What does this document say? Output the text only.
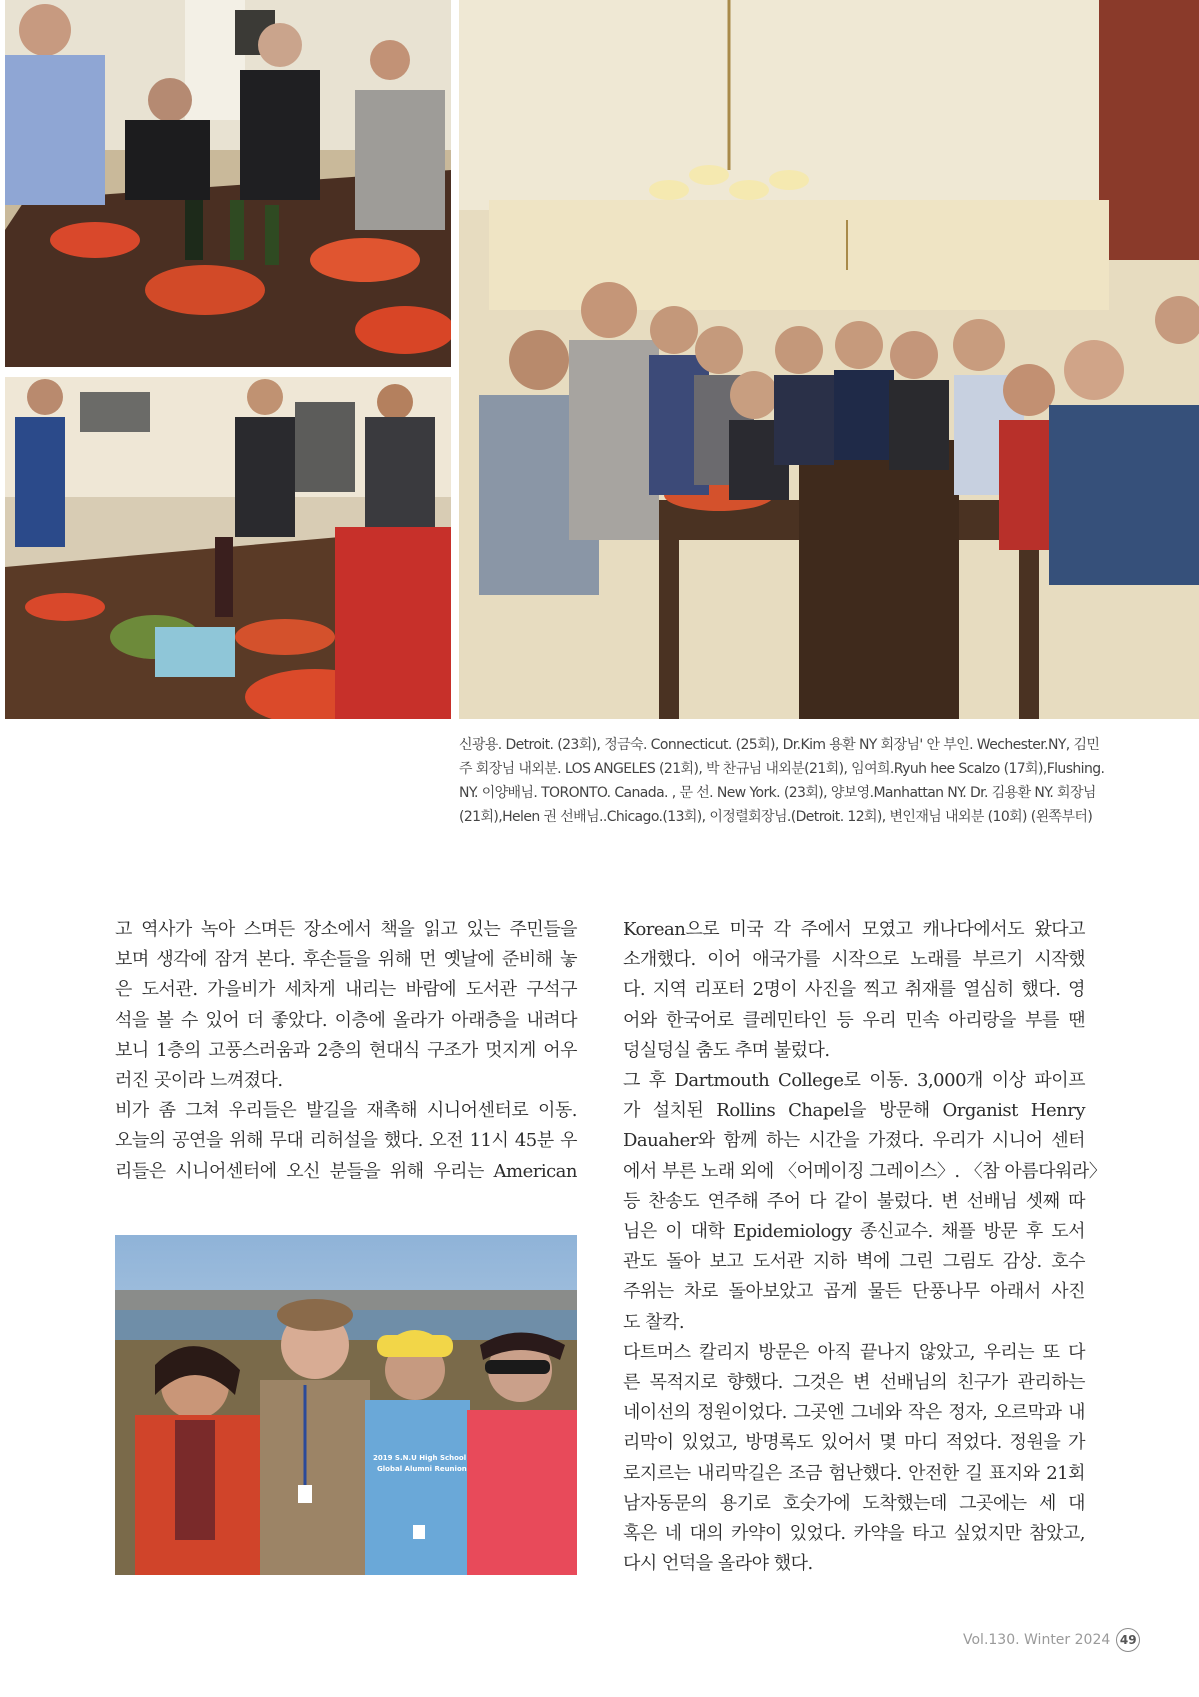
신광용. Detroit. (23회), 정금숙. Connecticut. (25회), Dr.Kim 용환 NY 회장님' 안 부인. Wechester.NY, 김민
주 회장님 내외분. LOS ANGELES (21회), 박 찬규님 내외분(21회), 임여희.Ryuh hee Scalzo (17회),Flushing.
NY. 이양배님. TORONTO. Canada. , 문 선. New York. (23회), 양보영.Manhattan NY. Dr. 김용환 NY. 회장님
(21회),Helen 권 선배님..Chicago.(13회), 이정렬회장님.(Detroit. 12회), 변인재님 내외분 (10회) (왼쪽부터)
고 역사가 녹아 스며든 장소에서 책을 읽고 있는 주민들을
보며 생각에 잠겨 본다. 후손들을 위해 먼 옛날에 준비해 놓
은 도서관. 가을비가 세차게 내리는 바람에 도서관 구석구
석을 볼 수 있어 더 좋았다. 이층에 올라가 아래층을 내려다
보니 1층의 고풍스러움과 2층의 현대식 구조가 멋지게 어우
러진 곳이라 느껴졌다.
비가 좀 그쳐 우리들은 발길을 재촉해 시니어센터로 이동.
오늘의 공연을 위해 무대 리허설을 했다. 오전 11시 45분 우
리들은 시니어센터에 오신 분들을 위해 우리는 American
2019 S.N.U High School
Global Alumni Reunion
Korean으로 미국 각 주에서 모였고 캐나다에서도 왔다고
소개했다. 이어 애국가를 시작으로 노래를 부르기 시작했
다. 지역 리포터 2명이 사진을 찍고 취재를 열심히 했다. 영
어와 한국어로 클레민타인 등 우리 민속 아리랑을 부를 땐
덩실덩실 춤도 추며 불렀다.
그 후 Dartmouth College로 이동. 3,000개 이상 파이프
가 설치된 Rollins Chapel을 방문해 Organist Henry
Dauaher와 함께 하는 시간을 가졌다. 우리가 시니어 센터
에서 부른 노래 외에 〈어메이징 그레이스〉. 〈참 아름다워라〉
등 찬송도 연주해 주어 다 같이 불렀다. 변 선배님 셋째 따
님은 이 대학 Epidemiology 종신교수. 채플 방문 후 도서
관도 돌아 보고 도서관 지하 벽에 그린 그림도 감상. 호수
주위는 차로 돌아보았고 곱게 물든 단풍나무 아래서 사진
도 찰칵.
다트머스 칼리지 방문은 아직 끝나지 않았고, 우리는 또 다
른 목적지로 향했다. 그것은 변 선배님의 친구가 관리하는
네이선의 정원이었다. 그곳엔 그네와 작은 정자, 오르막과 내
리막이 있었고, 방명록도 있어서 몇 마디 적었다. 정원을 가
로지르는 내리막길은 조금 험난했다. 안전한 길 표지와 21회
남자동문의 용기로 호숫가에 도착했는데 그곳에는 세 대
혹은 네 대의 카약이 있었다. 카약을 타고 싶었지만 참았고,
다시 언덕을 올라야 했다.
Vol.130. Winter 2024 49
